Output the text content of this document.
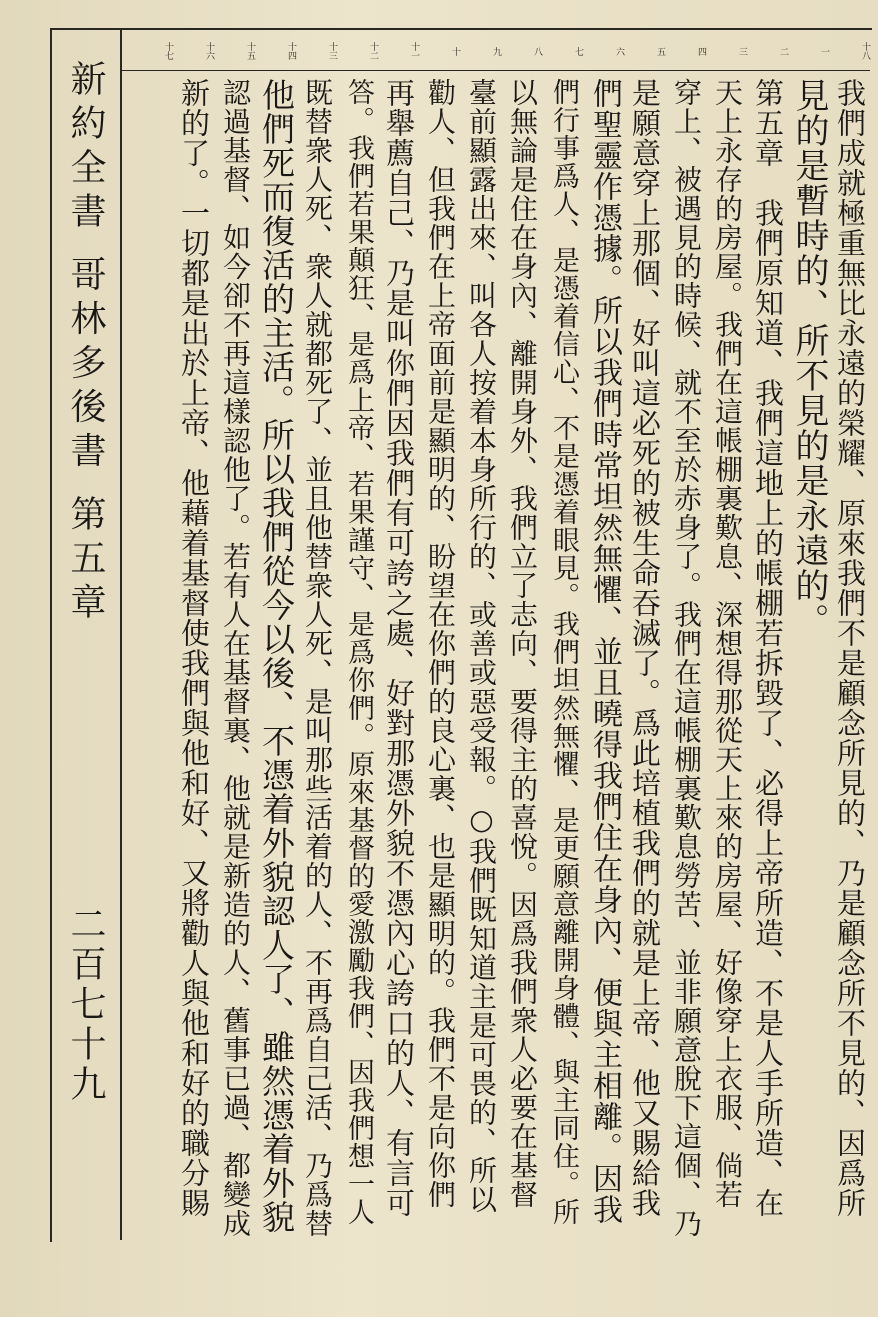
十八
一
二
三
四
五
六
七
八
九
十
十一
十二
十三
十四
十五
十六
十七
我們成就極重無比永遠的榮耀、原來我們不是顧念所見的、乃是顧念所不見的、因爲所
見的是暫時的、所不見的是永遠的。
第五章　我們原知道、我們這地上的帳棚若拆毀了、必得上帝所造、不是人手所造、在
天上永存的房屋。我們在這帳棚裏歎息、深想得那從天上來的房屋、好像穿上衣服、倘若
穿上、被遇見的時候、就不至於赤身了。我們在這帳棚裏歎息勞苦、並非願意脫下這個、乃
是願意穿上那個、好叫這必死的被生命吞滅了。爲此培植我們的就是上帝、他又賜給我
們聖靈作憑據。所以我們時常坦然無懼、並且曉得我們住在身內、便與主相離。因我
們行事爲人、是憑着信心、不是憑着眼見。我們坦然無懼、是更願意離開身體、與主同住。所
以無論是住在身內、離開身外、我們立了志向、要得主的喜悅。因爲我們衆人必要在基督
臺前顯露出來、叫各人按着本身所行的、或善或惡受報。○我們既知道主是可畏的、所以
勸人、但我們在上帝面前是顯明的、盼望在你們的良心裏、也是顯明的。我們不是向你們
再舉薦自己、乃是叫你們因我們有可誇之處、好對那憑外貌不憑內心誇口的人、有言可
答。我們若果顛狂、是爲上帝、若果謹守、是爲你們。原來基督的愛激勵我們、因我們想一人
既替衆人死、衆人就都死了、並且他替衆人死、是叫那些活着的人、不再爲自己活、乃爲替
他們死而復活的主活。所以我們從今以後、不憑着外貌認人了、雖然憑着外貌
認過基督、如今卻不再這樣認他了。若有人在基督裏、他就是新造的人、舊事已過、都變成
新的了。一切都是出於上帝、他藉着基督使我們與他和好、又將勸人與他和好的職分賜
新約全書 哥林多後書 第五章
二百七十九
